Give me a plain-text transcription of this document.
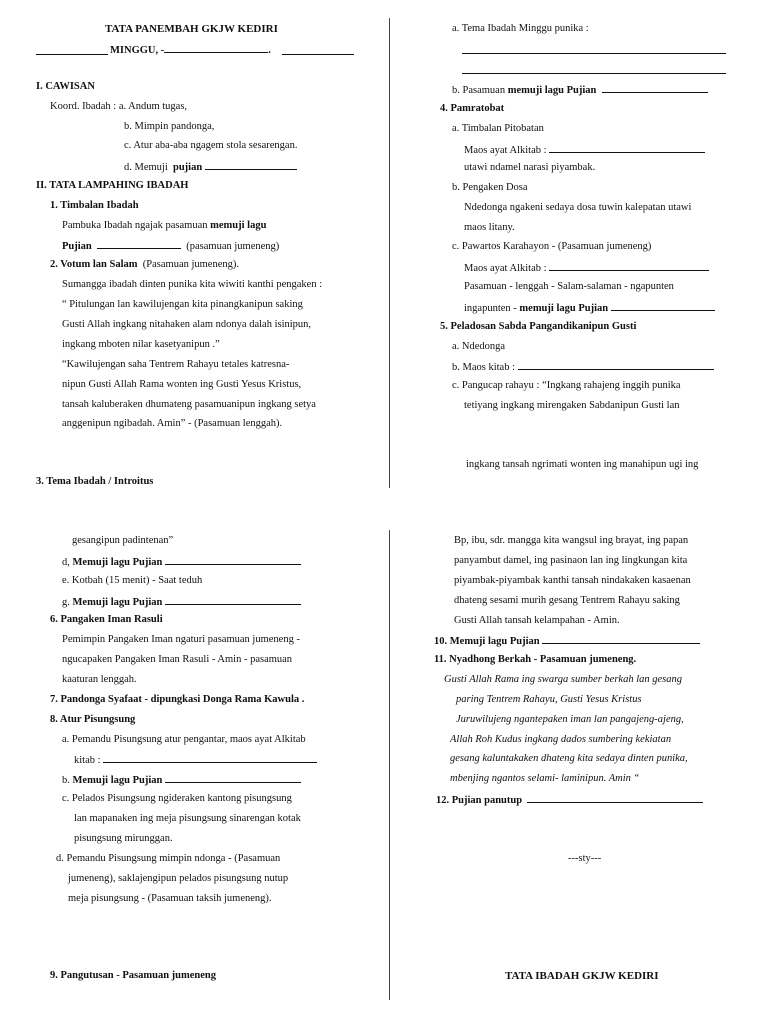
TATA PANEMBAH GKJW KEDIRI
MINGGU, -	.
I. CAWISAN
Koord. Ibadah : a. Andum tugas,
b. Mimpin pandonga,
c. Atur aba-aba ngagem stola sesarengan.
d. Memuji pujian
II. TATA LAMPAHING IBADAH
1. Timbalan Ibadah
Pambuka Ibadah ngajak pasamuan memuji lagu
Pujian	(pasamuan jumeneng)
2. Votum lan Salam (Pasamuan jumeneng).
Sumangga ibadah dinten punika kita wiwiti kanthi pengaken :
“ Pitulungan lan kawilujengan kita pinangkanipun saking
Gusti Allah ingkang nitahaken alam ndonya dalah isinipun,
ingkang mboten nilar kasetyanipun .”
“Kawilujengan saha Tentrem Rahayu tetales katresna-
nipun Gusti Allah Rama wonten ing Gusti Yesus Kristus,
tansah kaluberaken dhumateng pasamuanipun ingkang setya
anggenipun ngibadah. Amin” - (Pasamuan lenggah).
3. Tema Ibadah / Introitus
a. Tema Ibadah Minggu punika :
b. Pasamuan memuji lagu Pujian
4. Pamratobat
a. Timbalan Pitobatan
Maos ayat Alkitab :
utawi ndamel narasi piyambak.
b. Pengaken Dosa
Ndedonga ngakeni sedaya dosa tuwin kalepatan utawi
maos litany.
c. Pawartos Karahayon - (Pasamuan jumeneng)
Maos ayat Alkitab :
Pasamuan - lenggah - Salam-salaman - ngapunten
ingapunten - memuji lagu Pujian
5. Peladosan Sabda Pangandikanipun Gusti
a. Ndedonga
b. Maos kitab :
c. Pangucap rahayu : “Ingkang rahajeng inggih punika
tetiyang ingkang mirengaken Sabdanipun Gusti lan
ingkang tansah ngrimati wonten ing manahipun ugi ing
gesangipun padintenan”
d, Memuji lagu Pujian
e. Kotbah (15 menit) - Saat teduh
g. Memuji lagu Pujian
6. Pangaken Iman Rasuli
Pemimpin Pangaken Iman ngaturi pasamuan jumeneng -
ngucapaken Pangaken Iman Rasuli - Amin - pasamuan
kaaturan lenggah.
7. Pandonga Syafaat - dipungkasi Donga Rama Kawula .
8. Atur Pisungsung
a. Pemandu Pisungsung atur pengantar, maos ayat Alkitab
kitab :
b. Memuji lagu Pujian
c. Pelados Pisungsung ngideraken kantong pisungsung
lan mapanaken ing meja pisungsung sinarengan kotak
pisungsung mirunggan.
d. Pemandu Pisungsung mimpin ndonga - (Pasamuan
jumeneng), saklajengipun pelados pisungsung nutup
meja pisungsung - (Pasamuan taksih jumeneng).
9. Pangutusan - Pasamuan jumeneng
Bp, ibu, sdr. mangga kita wangsul ing brayat, ing papan
panyambut damel, ing pasinaon lan ing lingkungan kita
piyambak-piyambak kanthi tansah nindakaken kasaenan
dhateng sesami murih gesang Tentrem Rahayu saking
Gusti Allah tansah kelampahan - Amin.
10. Memuji lagu Pujian
11. Nyadhong Berkah - Pasamuan jumeneng.
Gusti Allah Rama ing swarga sumber berkah lan gesang
paring Tentrem Rahayu, Gusti Yesus Kristus
Juruwilujeng ngantepaken iman lan pangajeng-ajeng,
Allah Roh Kudus ingkang dados sumbering kekiatan
gesang kaluntakaken dhateng kita sedaya dinten punika,
mbenjing ngantos selami- laminipun. Amin “
12. Pujian panutup
---sty---
TATA IBADAH GKJW KEDIRI
